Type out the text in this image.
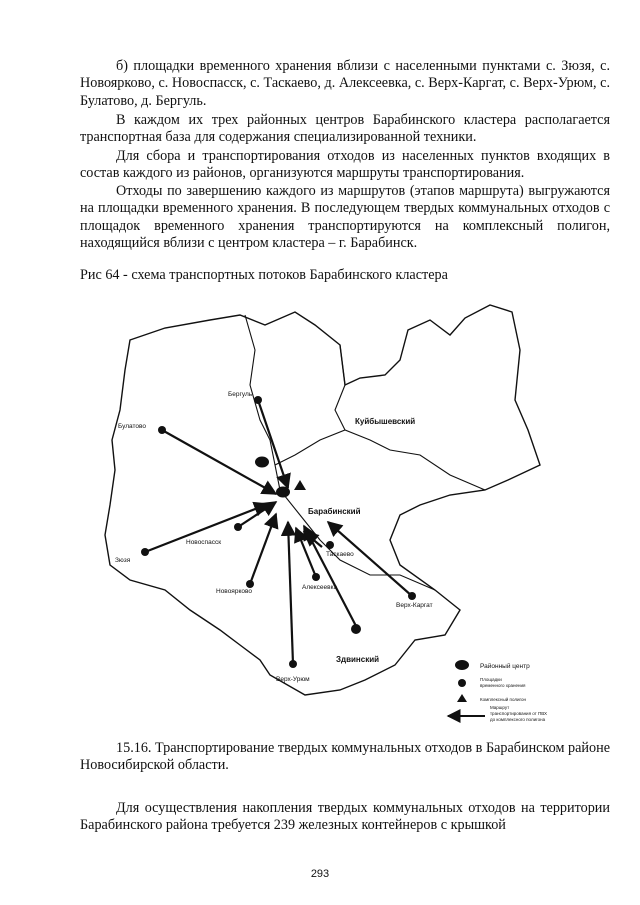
б) площадки временного хранения вблизи с населенными пунктами с. Зюзя, с. Новоярково, с. Новоспасск, с. Таскаево, д. Алексеевка, с. Верх-Каргат, с. Верх-Урюм, с. Булатово, д. Бергуль.

В каждом их трех районных центров Барабинского кластера располагается транспортная база для содержания специализированной техники.

Для сбора и транспортирования отходов из населенных пунктов входящих в состав каждого из районов, организуются маршруты транспортирования.

Отходы по завершению каждого из маршрутов (этапов маршрута) выгружаются на площадки временного хранения. В последующем твердых коммунальных отходов с площадок временного хранения транспортируются на комплексный полигон, находящийся вблизи с центром кластера – г. Барабинск.

Рис 64 - схема транспортных потоков Барабинского кластера

Куйбышевский
Барабинский
Здвинский
Бергуль
Булатово
Новоспасск
Зюзя
Новоярково
Алексеевка
Таскаево
Верх-Каргат
Верх-Урюм
Районный центр
Площадки
временного хранения
Комплексный полигон
Маршрут
транспортирования от ПВХ
до комплексного полигона

15.16. Транспортирование твердых коммунальных отходов в Барабинском районе Новосибирской области.

Для осуществления накопления твердых коммунальных отходов на территории Барабинского района требуется 239 железных контейнеров с крышкой

293
